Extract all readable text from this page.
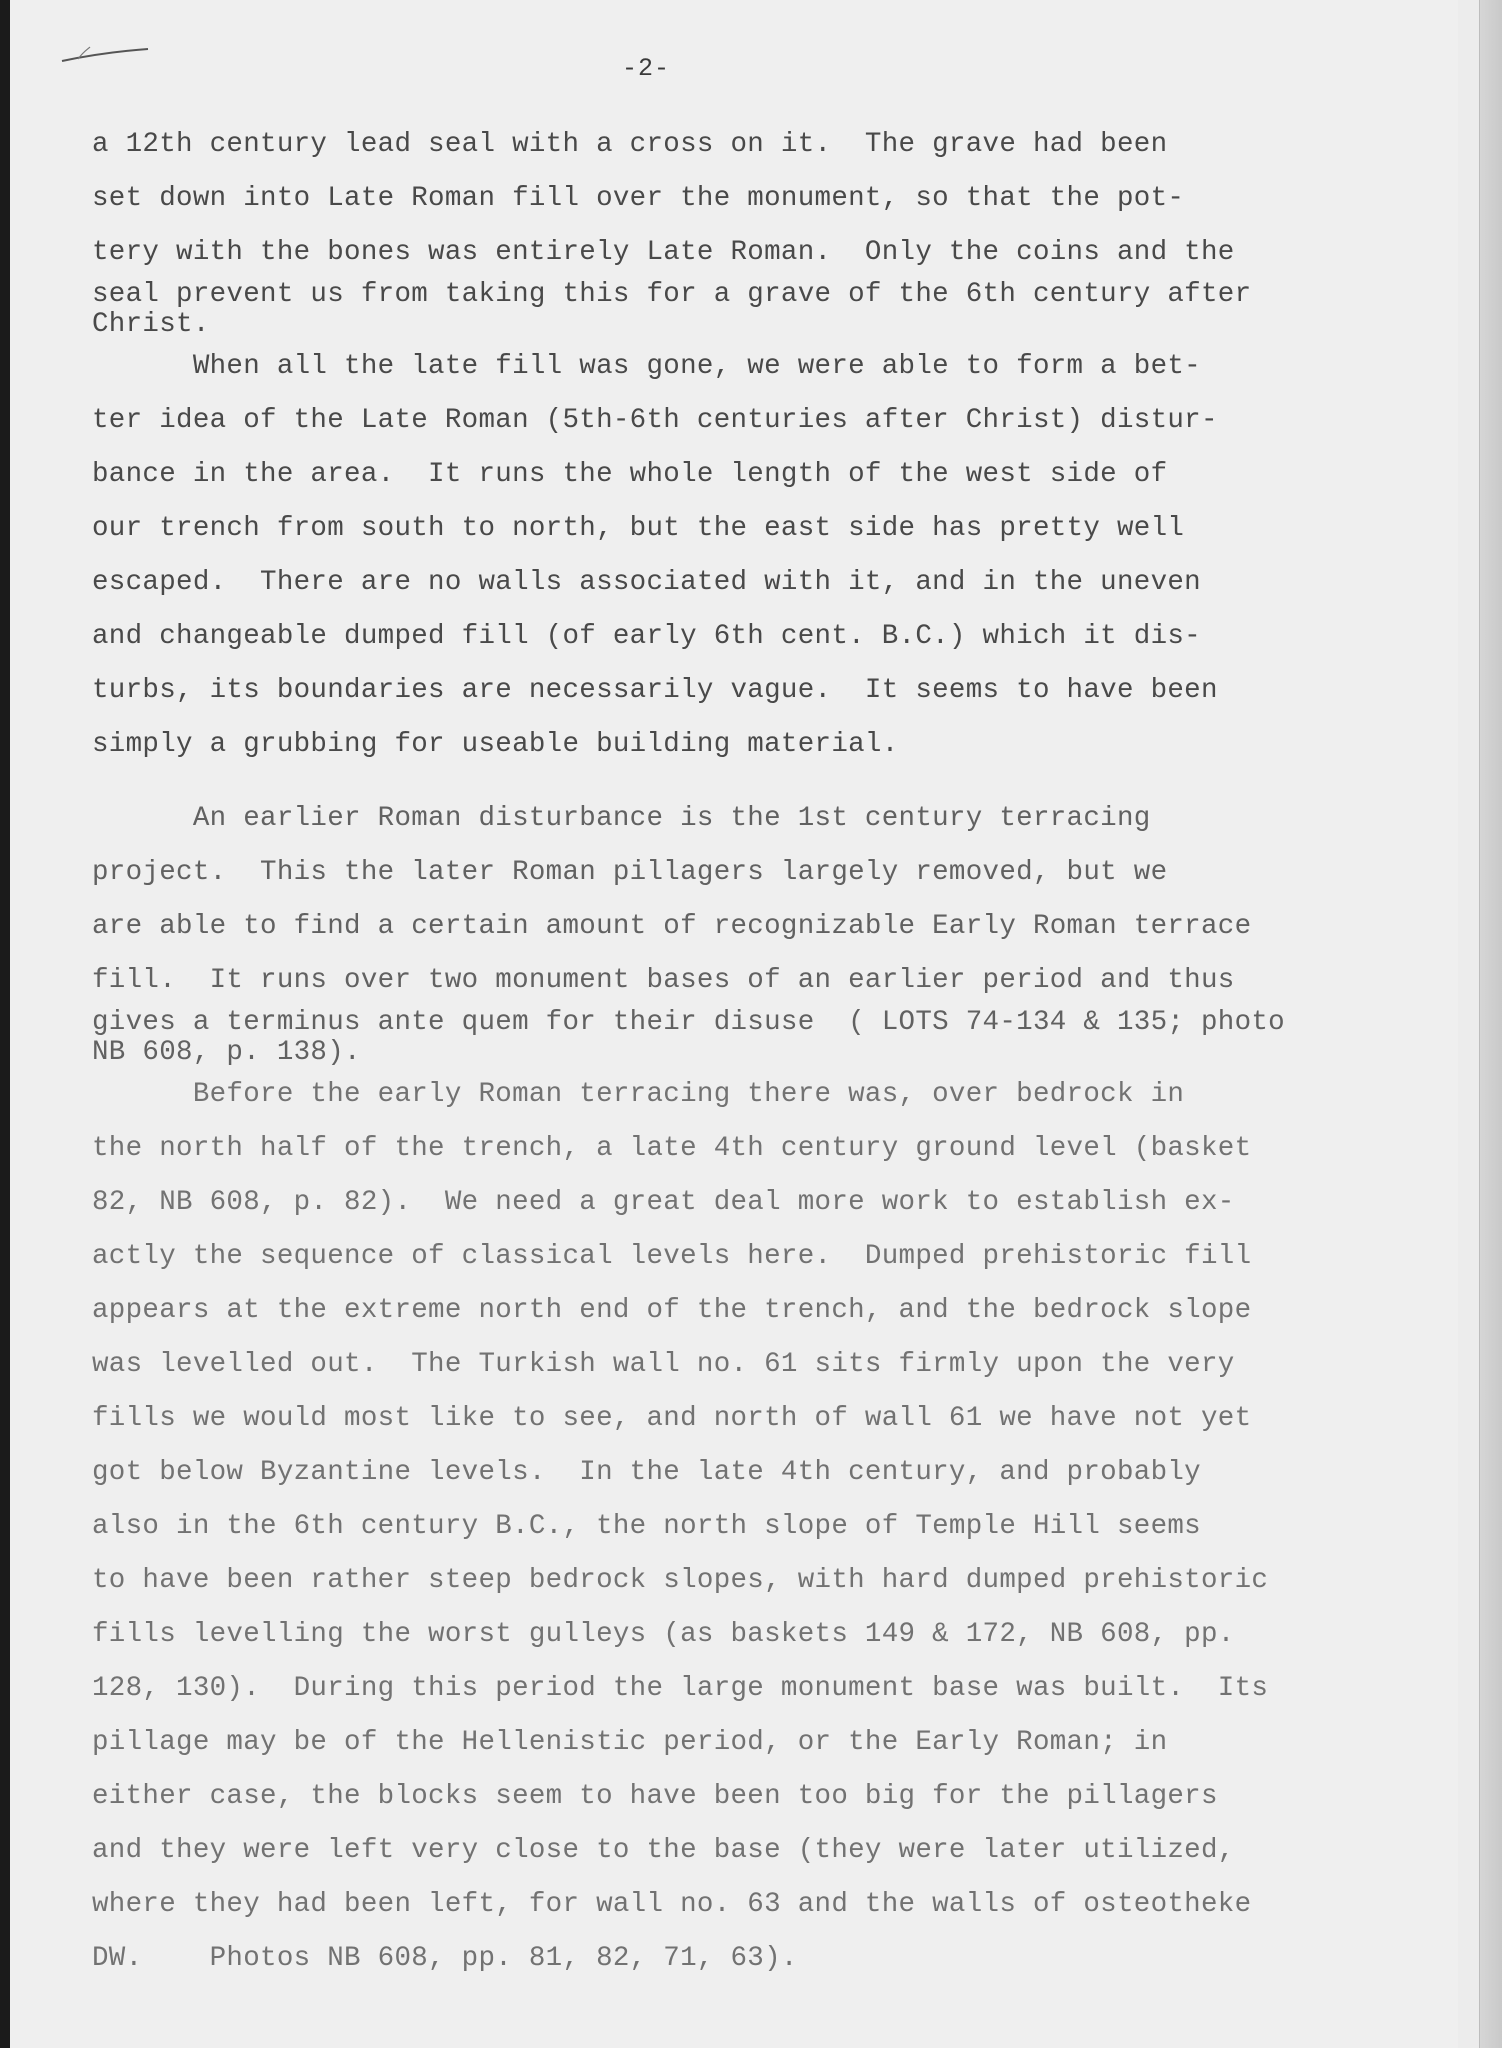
-2-
a 12th century lead seal with a cross on it.  The grave had been
set down into Late Roman fill over the monument, so that the pot-
tery with the bones was entirely Late Roman.  Only the coins and the
seal prevent us from taking this for a grave of the 6th century after
Christ.
When all the late fill was gone, we were able to form a bet-
ter idea of the Late Roman (5th-6th centuries after Christ) distur-
bance in the area.  It runs the whole length of the west side of
our trench from south to north, but the east side has pretty well
escaped.  There are no walls associated with it, and in the uneven
and changeable dumped fill (of early 6th cent. B.C.) which it dis-
turbs, its boundaries are necessarily vague.  It seems to have been
simply a grubbing for useable building material.
An earlier Roman disturbance is the 1st century terracing
project.  This the later Roman pillagers largely removed, but we
are able to find a certain amount of recognizable Early Roman terrace
fill.  It runs over two monument bases of an earlier period and thus
gives a terminus ante quem for their disuse  ( LOTS 74-134 & 135; photo
NB 608, p. 138).
Before the early Roman terracing there was, over bedrock in
the north half of the trench, a late 4th century ground level (basket
82, NB 608, p. 82).  We need a great deal more work to establish ex-
actly the sequence of classical levels here.  Dumped prehistoric fill
appears at the extreme north end of the trench, and the bedrock slope
was levelled out.  The Turkish wall no. 61 sits firmly upon the very
fills we would most like to see, and north of wall 61 we have not yet
got below Byzantine levels.  In the late 4th century, and probably
also in the 6th century B.C., the north slope of Temple Hill seems
to have been rather steep bedrock slopes, with hard dumped prehistoric
fills levelling the worst gulleys (as baskets 149 & 172, NB 608, pp.
128, 130).  During this period the large monument base was built.  Its
pillage may be of the Hellenistic period, or the Early Roman; in
either case, the blocks seem to have been too big for the pillagers
and they were left very close to the base (they were later utilized,
where they had been left, for wall no. 63 and the walls of osteotheke
DW.    Photos NB 608, pp. 81, 82, 71, 63).
